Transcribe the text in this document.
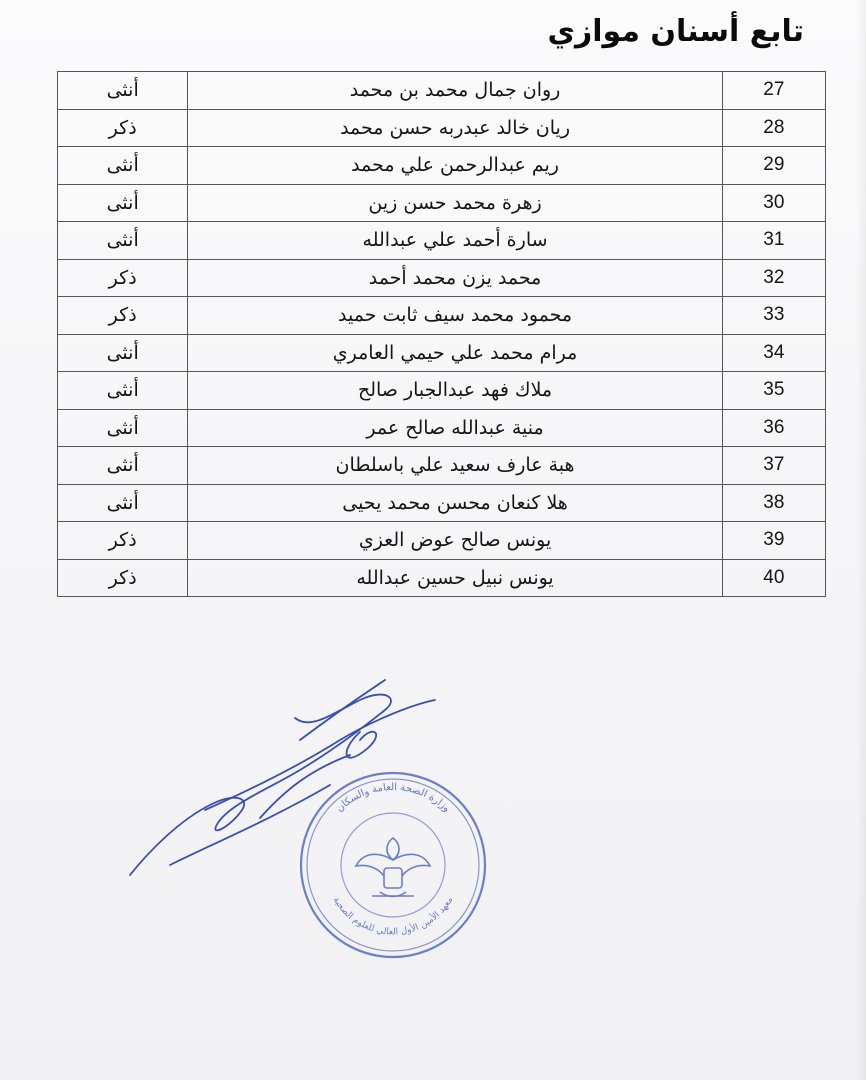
تابع أسنان موازي
27	روان جمال محمد بن محمد	أنثى
28	ريان خالد عبدربه حسن محمد	ذكر
29	ريم عبدالرحمن علي محمد	أنثى
30	زهرة محمد حسن زين	أنثى
31	سارة أحمد علي عبدالله	أنثى
32	محمد يزن محمد أحمد	ذكر
33	محمود محمد سيف ثابت حميد	ذكر
34	مرام محمد علي حيمي العامري	أنثى
35	ملاك فهد عبدالجبار صالح	أنثى
36	منية عبدالله صالح عمر	أنثى
37	هبة عارف سعيد علي باسلطان	أنثى
38	هلا كنعان محسن محمد يحيى	أنثى
39	يونس صالح عوض العزي	ذكر
40	يونس نبيل حسين عبدالله	ذكر
وزارة الصحة العامة والسكان
معهد الأمين الأول العالي للعلوم الصحية
